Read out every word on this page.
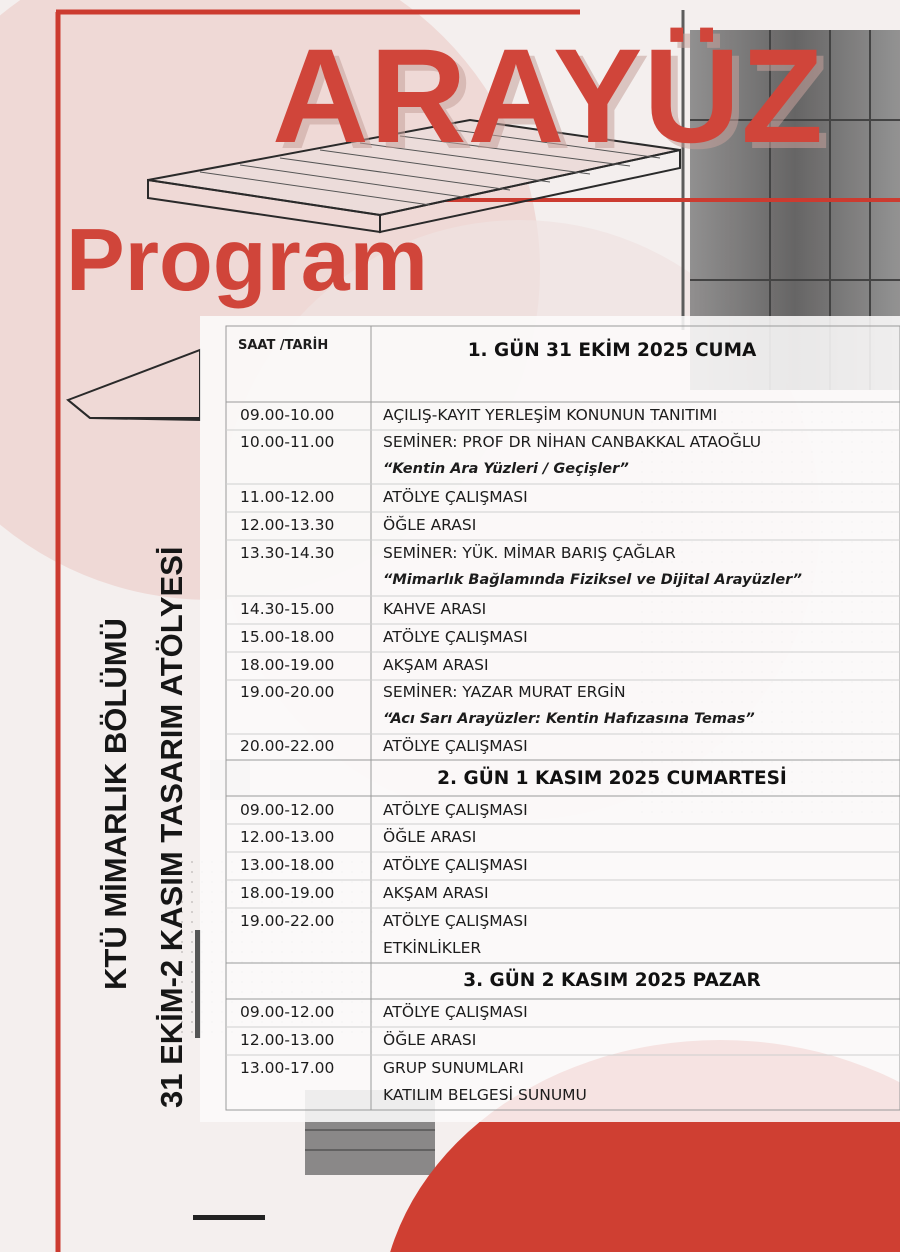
ARAYÜZ
Program
KTÜ MİMARLIK BÖLÜMÜ 31 EKİM-2 KASIM TASARIM ATÖLYESİ
SAAT /TARİH	1. GÜN 31 EKİM 2025 CUMA
09.00-10.00	AÇILIŞ-KAYIT YERLEŞİM KONUNUN TANITIMI
10.00-11.00	SEMİNER: PROF DR NİHAN CANBAKKAL ATAOĞLU
“Kentin Ara Yüzleri / Geçişler”
11.00-12.00	ATÖLYE ÇALIŞMASI
12.00-13.30	ÖĞLE ARASI
13.30-14.30	SEMİNER: YÜK. MİMAR BARIŞ ÇAĞLAR
“Mimarlık Bağlamında Fiziksel ve Dijital Arayüzler”
14.30-15.00	KAHVE ARASI
15.00-18.00	ATÖLYE ÇALIŞMASI
18.00-19.00	AKŞAM ARASI
19.00-20.00	SEMİNER: YAZAR MURAT ERGİN
“Acı Sarı Arayüzler: Kentin Hafızasına Temas”
20.00-22.00	ATÖLYE ÇALIŞMASI
2. GÜN 1 KASIM 2025 CUMARTESİ
09.00-12.00	ATÖLYE ÇALIŞMASI
12.00-13.00	ÖĞLE ARASI
13.00-18.00	ATÖLYE ÇALIŞMASI
18.00-19.00	AKŞAM ARASI
19.00-22.00	ATÖLYE ÇALIŞMASI
ETKİNLİKLER
3. GÜN 2 KASIM 2025 PAZAR
09.00-12.00	ATÖLYE ÇALIŞMASI
12.00-13.00	ÖĞLE ARASI
13.00-17.00	GRUP SUNUMLARI
KATILIM BELGESİ SUNUMU
